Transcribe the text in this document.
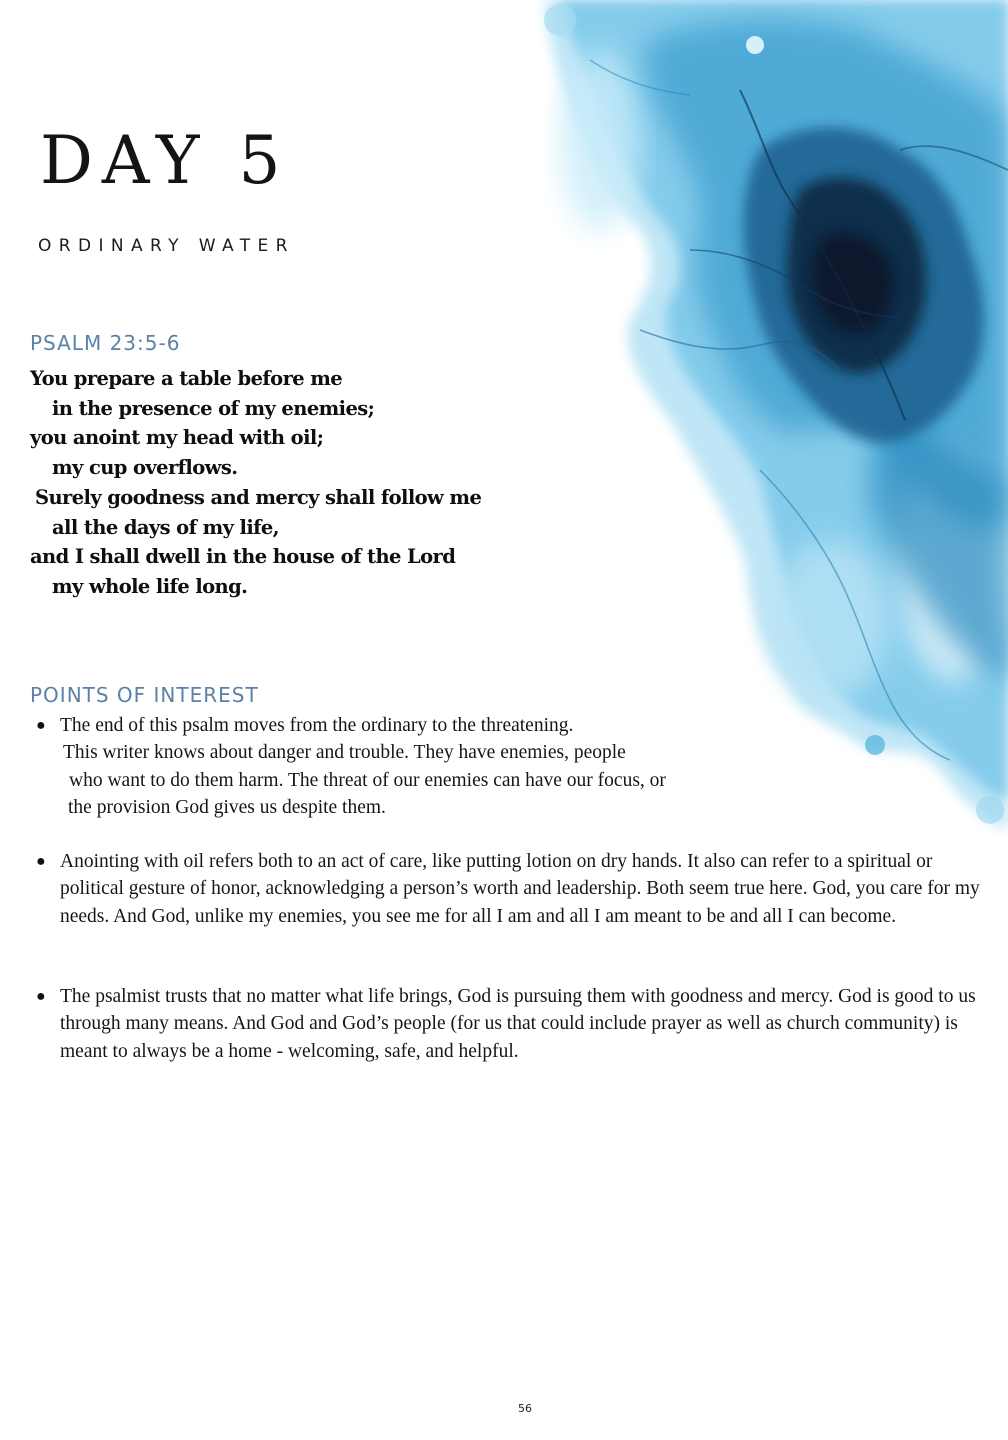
DAY 5
ORDINARY WATER
PSALM 23:5-6
You prepare a table before me
in the presence of my enemies;
you anoint my head with oil;
my cup overflows.
Surely goodness and mercy shall follow me
all the days of my life,
and I shall dwell in the house of the Lord
my whole life long.
POINTS OF INTEREST
● The end of this psalm moves from the ordinary to the threatening.
This writer knows about danger and trouble. They have enemies, people
who want to do them harm. The threat of our enemies can have our focus, or
the provision God gives us despite them.
● Anointing with oil refers both to an act of care, like putting lotion on dry hands. It also can refer to a spiritual or political gesture of honor, acknowledging a person’s worth and leadership. Both seem true here. God, you care for my needs. And God, unlike my enemies, you see me for all I am and all I am meant to be and all I can become.
● The psalmist trusts that no matter what life brings, God is pursuing them with goodness and mercy. God is good to us through many means. And God and God’s people (for us that could include prayer as well as church community) is meant to always be a home - welcoming, safe, and helpful.
56
